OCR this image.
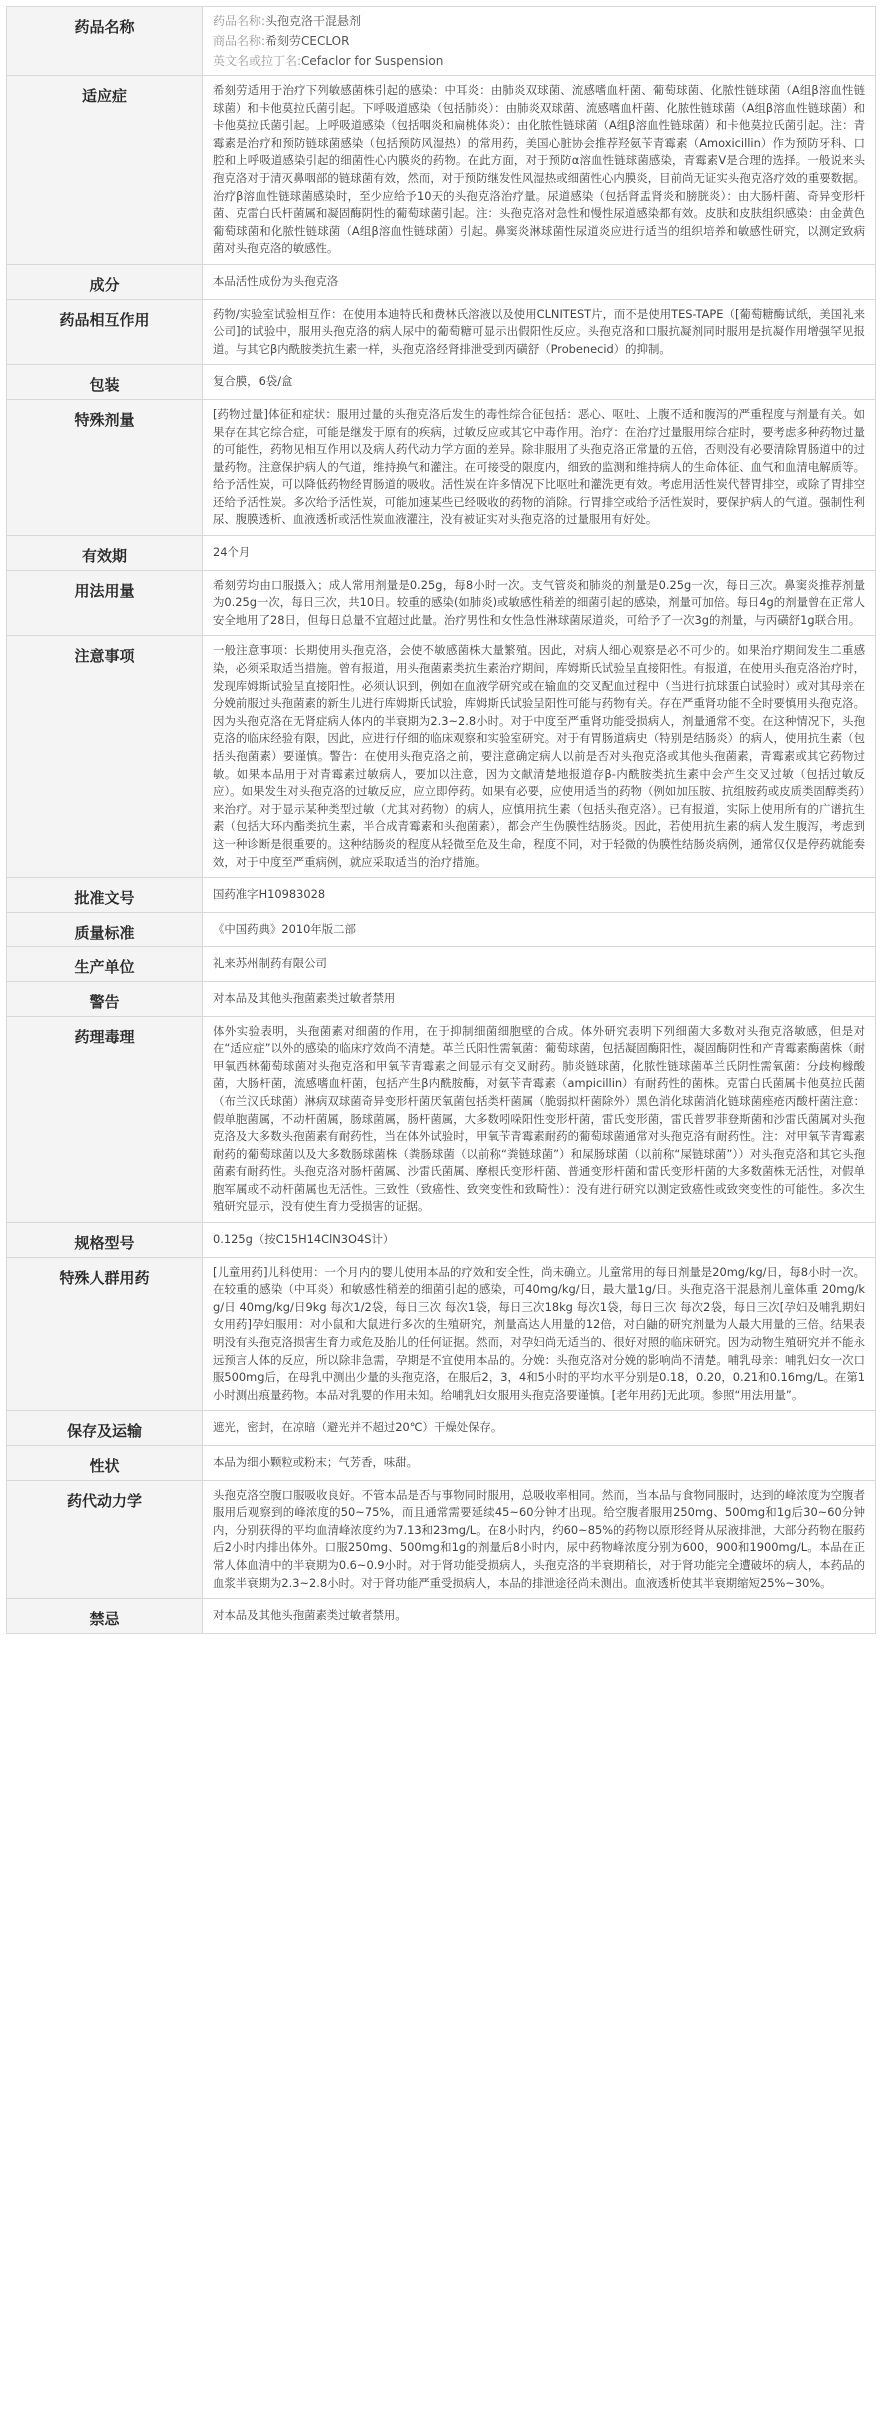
药品名称	药品名称:头孢克洛干混悬剂
商品名称:希刻劳CECLOR
英文名或拉丁名:Cefaclor for Suspension
适应症	希刻劳适用于治疗下列敏感菌株引起的感染：中耳炎：由肺炎双球菌、流感嗜血杆菌、葡萄球菌、化脓性链球菌（A组β溶血性链球菌）和卡他莫拉氏菌引起。下呼吸道感染（包括肺炎）：由肺炎双球菌、流感嗜血杆菌、化脓性链球菌（A组β溶血性链球菌）和卡他莫拉氏菌引起。上呼吸道感染（包括咽炎和扁桃体炎）：由化脓性链球菌（A组β溶血性链球菌）和卡他莫拉氏菌引起。注：青霉素是治疗和预防链球菌感染（包括预防风湿热）的常用药，美国心脏协会推荐羟氨苄青霉素（Amoxicillin）作为预防牙科、口腔和上呼吸道感染引起的细菌性心内膜炎的药物。在此方面，对于预防α溶血性链球菌感染，青霉素V是合理的选择。一般说来头孢克洛对于清灭鼻咽部的链球菌有效，然而，对于预防继发性风湿热或细菌性心内膜炎，目前尚无证实头孢克洛疗效的重要数据。治疗β溶血性链球菌感染时，至少应给予10天的头孢克洛治疗量。尿道感染（包括肾盂肾炎和膀胱炎）：由大肠杆菌、奇异变形杆菌、克雷白氏杆菌属和凝固酶阴性的葡萄球菌引起。注：头孢克洛对急性和慢性尿道感染都有效。皮肤和皮肤组织感染：由金黄色葡萄球菌和化脓性链球菌（A组β溶血性链球菌）引起。鼻窦炎淋球菌性尿道炎应进行适当的组织培养和敏感性研究，以测定致病菌对头孢克洛的敏感性。
成分	本品活性成份为头孢克洛
药品相互作用	药物/实验室试验相互作：在使用本迪特氏和费林氏溶液以及使用CLNITEST片，而不是使用TES-TAPE（[葡萄糖酶试纸，美国礼来公司]的试验中，服用头孢克洛的病人尿中的葡萄糖可显示出假阳性反应。头孢克洛和口服抗凝剂同时服用是抗凝作用增强罕见报道。与其它β内酰胺类抗生素一样，头孢克洛经肾排泄受到丙磺舒（Probenecid）的抑制。
包装	复合膜，6袋/盒
特殊剂量	[药物过量]体征和症状：服用过量的头孢克洛后发生的毒性综合征包括：恶心、呕吐、上腹不适和腹泻的严重程度与剂量有关。如果存在其它综合症，可能是继发于原有的疾病，过敏反应或其它中毒作用。治疗：在治疗过量服用综合症时，要考虑多种药物过量的可能性，药物见相互作用以及病人药代动力学方面的差异。除非服用了头孢克洛正常量的五倍，否则没有必要清除胃肠道中的过量药物。注意保护病人的气道，维持换气和灌注。在可接受的限度内，细致的监测和维持病人的生命体征、血气和血清电解质等。给予活性炭，可以降低药物经胃肠道的吸收。活性炭在许多情况下比呕吐和灌洗更有效。考虑用活性炭代替胃排空，或除了胃排空还给予活性炭。多次给予活性炭，可能加速某些已经吸收的药物的消除。行胃排空或给予活性炭时，要保护病人的气道。强制性利尿、腹膜透析、血液透析或活性炭血液灌注，没有被证实对头孢克洛的过量服用有好处。
有效期	24个月
用法用量	希刻劳均由口服摄入；成人常用剂量是0.25g，每8小时一次。支气管炎和肺炎的剂量是0.25g一次，每日三次。鼻窦炎推荐剂量为0.25g一次，每日三次，共10日。较重的感染(如肺炎)或敏感性稍差的细菌引起的感染，剂量可加倍。每日4g的剂量曾在正常人安全地用了28日，但每日总量不宜超过此量。治疗男性和女性急性淋球菌尿道炎，可给予了一次3g的剂量，与丙磺舒1g联合用。
注意事项	一般注意事项：长期使用头孢克洛，会使不敏感菌株大量繁殖。因此，对病人细心观察是必不可少的。如果治疗期间发生二重感染，必须采取适当措施。曾有报道，用头孢菌素类抗生素治疗期间，库姆斯氏试验呈直接阳性。有报道，在使用头孢克洛治疗时，发现库姆斯试验呈直接阳性。必须认识到，例如在血液学研究或在输血的交叉配血过程中（当进行抗球蛋白试验时）或对其母亲在分娩前服过头孢菌素的新生儿进行库姆斯氏试验，库姆斯氏试验呈阳性可能与药物有关。存在严重肾功能不全时要慎用头孢克洛。因为头孢克洛在无肾症病人体内的半衰期为2.3~2.8小时。对于中度至严重肾功能受损病人，剂量通常不变。在这种情况下，头孢克洛的临床经验有限，因此，应进行仔细的临床观察和实验室研究。对于有胃肠道病史（特别是结肠炎）的病人，使用抗生素（包括头孢菌素）要谨慎。警告：在使用头孢克洛之前，要注意确定病人以前是否对头孢克洛或其他头孢菌素，青霉素或其它药物过敏。如果本品用于对青霉素过敏病人，要加以注意，因为文献清楚地报道存β-内酰胺类抗生素中会产生交叉过敏（包括过敏反应）。如果发生对头孢克洛的过敏反应，应立即停药。如果有必要，应使用适当的药物（例如加压胺、抗组胺药或皮质类固醇类药）来治疗。对于显示某种类型过敏（尤其对药物）的病人，应慎用抗生素（包括头孢克洛）。已有报道，实际上使用所有的广谱抗生素（包括大环内酯类抗生素，半合成青霉素和头孢菌素），都会产生伪膜性结肠炎。因此，若使用抗生素的病人发生腹泻，考虑到这一种诊断是很重要的。这种结肠炎的程度从轻微至危及生命，程度不同，对于轻微的伪膜性结肠炎病例，通常仅仅是停药就能奏效，对于中度至严重病例，就应采取适当的治疗措施。
批准文号	国药准字H10983028
质量标准	《中国药典》2010年版二部
生产单位	礼来苏州制药有限公司
警告	对本品及其他头孢菌素类过敏者禁用
药理毒理	体外实验表明，头孢菌素对细菌的作用，在于抑制细菌细胞壁的合成。体外研究表明下列细菌大多数对头孢克洛敏感，但是对在“适应症”以外的感染的临床疗效尚不清楚。革兰氏阳性需氧菌：葡萄球菌，包括凝固酶阳性，凝固酶阴性和产青霉素酶菌株（耐甲氧西林葡萄球菌对头孢克洛和甲氧苄青霉素之间显示有交叉耐药。肺炎链球菌，化脓性链球菌革兰氏阴性需氧菌：分歧枸橼酸菌，大肠杆菌，流感嗜血杆菌，包括产生β内酰胺酶，对氨苄青霉素（ampicillin）有耐药性的菌株。克雷白氏菌属卡他莫拉氏菌（布兰汉氏球菌）淋病双球菌奇异变形杆菌厌氧菌包括类杆菌属（脆弱拟杆菌除外）黑色消化球菌消化链球菌痤疮丙酸杆菌注意：假单胞菌属，不动杆菌属，肠球菌属，肠杆菌属，大多数吲哚阳性变形杆菌，雷氏变形菌，雷氏普罗菲登斯菌和沙雷氏菌属对头孢克洛及大多数头孢菌素有耐药性，当在体外试验时，甲氧苄青霉素耐药的葡萄球菌通常对头孢克洛有耐药性。注：对甲氧苄青霉素耐药的葡萄球菌以及大多数肠球菌株（粪肠球菌（以前称“粪链球菌”）和屎肠球菌（以前称“屎链球菌”））对头孢克洛和其它头孢菌素有耐药性。头孢克洛对肠杆菌属、沙雷氏菌属、摩根氏变形杆菌、普通变形杆菌和雷氏变形杆菌的大多数菌株无活性，对假单胞军属或不动杆菌属也无活性。三致性（致癌性、致突变性和致畸性）：没有进行研究以测定致癌性或致突变性的可能性。多次生殖研究显示，没有使生育力受损害的证据。
规格型号	0.125g（按C15H14ClN3O4S计）
特殊人群用药	[儿童用药]儿科使用：一个月内的婴儿使用本品的疗效和安全性，尚未确立。儿童常用的每日剂量是20mg/kg/日，每8小时一次。在较重的感染（中耳炎）和敏感性稍差的细菌引起的感染，可40mg/kg/日，最大量1g/日。头孢克洛干混悬剂儿童体重 20mg/kg/日 40mg/kg/日9kg 每次1/2袋，每日三次 每次1袋，每日三次18kg 每次1袋，每日三次 每次2袋，每日三次[孕妇及哺乳期妇女用药]孕妇服用：对小鼠和大鼠进行多次的生殖研究，剂量高达人用量的12倍，对白鼬的研究剂量为人最大用量的三倍。结果表明没有头孢克洛损害生育力或危及胎儿的任何证据。然而，对孕妇尚无适当的、很好对照的临床研究。因为动物生殖研究并不能永远预言人体的反应，所以除非急需，孕期是不宜使用本品的。分娩：头孢克洛对分娩的影响尚不清楚。哺乳母亲：哺乳妇女一次口服500mg后，在母乳中测出少量的头孢克洛，在服后2，3，4和5小时的平均水平分别是0.18，0.20，0.21和0.16mg/L。在第1小时测出痕量药物。本品对乳婴的作用未知。给哺乳妇女服用头孢克洛要谨慎。[老年用药]无此项。参照“用法用量”。
保存及运输	遮光，密封，在凉暗（避光并不超过20℃）干燥处保存。
性状	本品为细小颗粒或粉末；气芳香，味甜。
药代动力学	头孢克洛空腹口服吸收良好。不管本品是否与事物同时服用，总吸收率相同。然而，当本品与食物同服时，达到的峰浓度为空腹者服用后观察到的峰浓度的50~75%，而且通常需要延续45~60分钟才出现。给空腹者服用250mg、500mg和1g后30~60分钟内，分别获得的平均血清峰浓度约为7.13和23mg/L。在8小时内，约60~85%的药物以原形经肾从尿液排泄，大部分药物在服药后2小时内排出体外。口服250mg、500mg和1g的剂量后8小时内，尿中药物峰浓度分别为600，900和1900mg/L。本品在正常人体血清中的半衰期为0.6~0.9小时。对于肾功能受损病人，头孢克洛的半衰期稍长，对于肾功能完全遭破坏的病人，本药品的血浆半衰期为2.3~2.8小时。对于肾功能严重受损病人，本品的排泄途径尚未测出。血液透析使其半衰期缩短25%~30%。
禁忌	对本品及其他头孢菌素类过敏者禁用。
